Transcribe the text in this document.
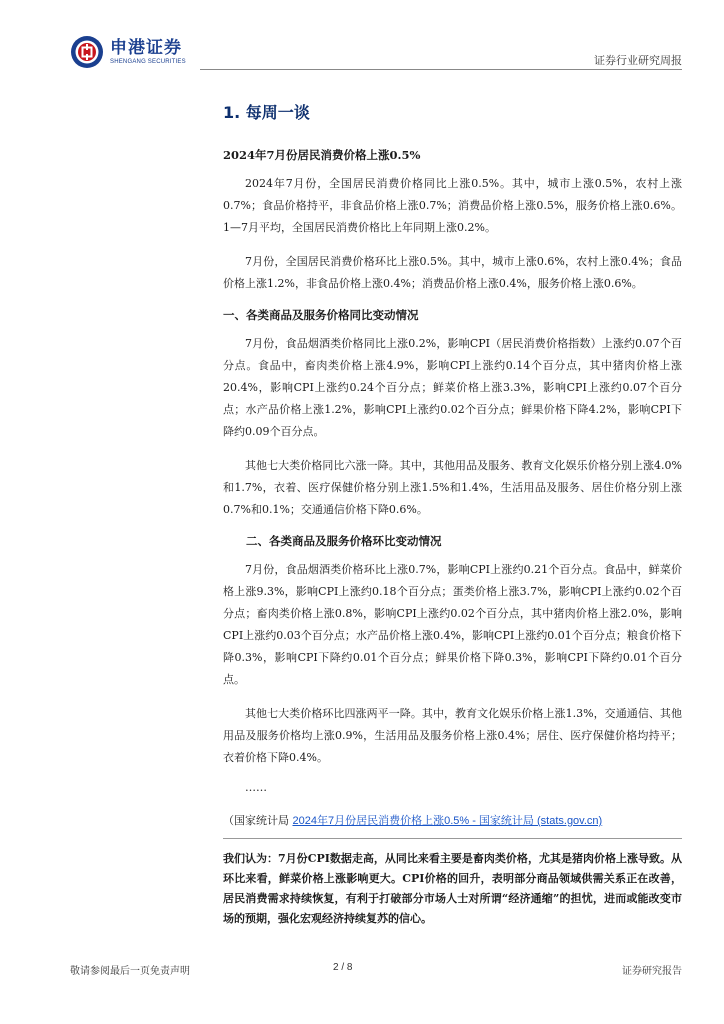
申港证券
SHENGANG SECURITIES	证券行业研究周报
1. 每周一谈
2024年7月份居民消费价格上涨0.5%

2024年7月份，全国居民消费价格同比上涨0.5%。其中，城市上涨0.5%，农村上涨0.7%；食品价格持平，非食品价格上涨0.7%；消费品价格上涨0.5%，服务价格上涨0.6%。1—7月平均，全国居民消费价格比上年同期上涨0.2%。

7月份，全国居民消费价格环比上涨0.5%。其中，城市上涨0.6%，农村上涨0.4%；食品价格上涨1.2%，非食品价格上涨0.4%；消费品价格上涨0.4%，服务价格上涨0.6%。

一、各类商品及服务价格同比变动情况

7月份，食品烟酒类价格同比上涨0.2%，影响CPI（居民消费价格指数）上涨约0.07个百分点。食品中，畜肉类价格上涨4.9%，影响CPI上涨约0.14个百分点，其中猪肉价格上涨20.4%，影响CPI上涨约0.24个百分点；鲜菜价格上涨3.3%，影响CPI上涨约0.07个百分点；水产品价格上涨1.2%，影响CPI上涨约0.02个百分点；鲜果价格下降4.2%，影响CPI下降约0.09个百分点。

其他七大类价格同比六涨一降。其中，其他用品及服务、教育文化娱乐价格分别上涨4.0%和1.7%，衣着、医疗保健价格分别上涨1.5%和1.4%，生活用品及服务、居住价格分别上涨0.7%和0.1%；交通通信价格下降0.6%。

二、各类商品及服务价格环比变动情况

7月份，食品烟酒类价格环比上涨0.7%，影响CPI上涨约0.21个百分点。食品中，鲜菜价格上涨9.3%，影响CPI上涨约0.18个百分点；蛋类价格上涨3.7%，影响CPI上涨约0.02个百分点；畜肉类价格上涨0.8%，影响CPI上涨约0.02个百分点，其中猪肉价格上涨2.0%，影响CPI上涨约0.03个百分点；水产品价格上涨0.4%，影响CPI上涨约0.01个百分点；粮食价格下降0.3%，影响CPI下降约0.01个百分点；鲜果价格下降0.3%，影响CPI下降约0.01个百分点。

其他七大类价格环比四涨两平一降。其中，教育文化娱乐价格上涨1.3%，交通通信、其他用品及服务价格均上涨0.9%，生活用品及服务价格上涨0.4%；居住、医疗保健价格均持平；衣着价格下降0.4%。

……
（国家统计局 2024年7月份居民消费价格上涨0.5% - 国家统计局 (stats.gov.cn)

我们认为：7月份CPI数据走高，从同比来看主要是畜肉类价格，尤其是猪肉价格上涨导致。从环比来看，鲜菜价格上涨影响更大。CPI价格的回升，表明部分商品领域供需关系正在改善，居民消费需求持续恢复，有利于打破部分市场人士对所谓“经济通缩”的担忧，进而或能改变市场的预期，强化宏观经济持续复苏的信心。

敬请参阅最后一页免责声明	2 / 8	证券研究报告
